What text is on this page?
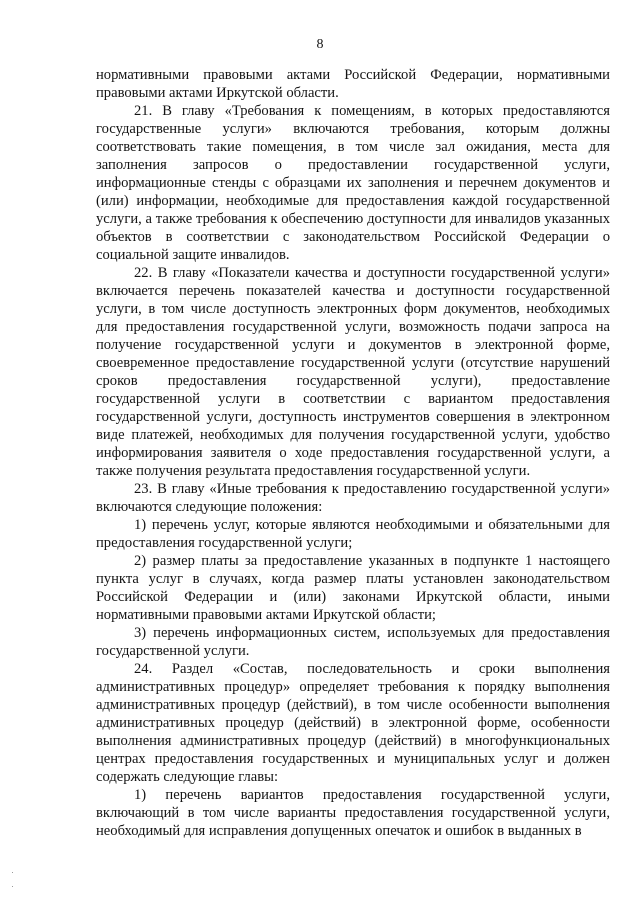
8

нормативными правовыми актами Российской Федерации, нормативными правовыми актами Иркутской области.

21. В главу «Требования к помещениям, в которых предоставляются государственные услуги» включаются требования, которым должны соответствовать такие помещения, в том числе зал ожидания, места для заполнения запросов о предоставлении государственной услуги, информационные стенды с образцами их заполнения и перечнем документов и (или) информации, необходимые для предоставления каждой государственной услуги, а также требования к обеспечению доступности для инвалидов указанных объектов в соответствии с законодательством Российской Федерации о социальной защите инвалидов.

22. В главу «Показатели качества и доступности государственной услуги» включается перечень показателей качества и доступности государственной услуги, в том числе доступность электронных форм документов, необходимых для предоставления государственной услуги, возможность подачи запроса на получение государственной услуги и документов в электронной форме, своевременное предоставление государственной услуги (отсутствие нарушений сроков предоставления государственной услуги), предоставление государственной услуги в соответствии с вариантом предоставления государственной услуги, доступность инструментов совершения в электронном виде платежей, необходимых для получения государственной услуги, удобство информирования заявителя о ходе предоставления государственной услуги, а также получения результата предоставления государственной услуги.

23. В главу «Иные требования к предоставлению государственной услуги» включаются следующие положения:

1) перечень услуг, которые являются необходимыми и обязательными для предоставления государственной услуги;

2) размер платы за предоставление указанных в подпункте 1 настоящего пункта услуг в случаях, когда размер платы установлен законодательством Российской Федерации и (или) законами Иркутской области, иными нормативными правовыми актами Иркутской области;

3) перечень информационных систем, используемых для предоставления государственной услуги.

24. Раздел «Состав, последовательность и сроки выполнения административных процедур» определяет требования к порядку выполнения административных процедур (действий), в том числе особенности выполнения административных процедур (действий) в электронной форме, особенности выполнения административных процедур (действий) в многофункциональных центрах предоставления государственных и муниципальных услуг и должен содержать следующие главы:

1) перечень вариантов предоставления государственной услуги, включающий в том числе варианты предоставления государственной услуги, необходимый для исправления допущенных опечаток и ошибок в выданных в
